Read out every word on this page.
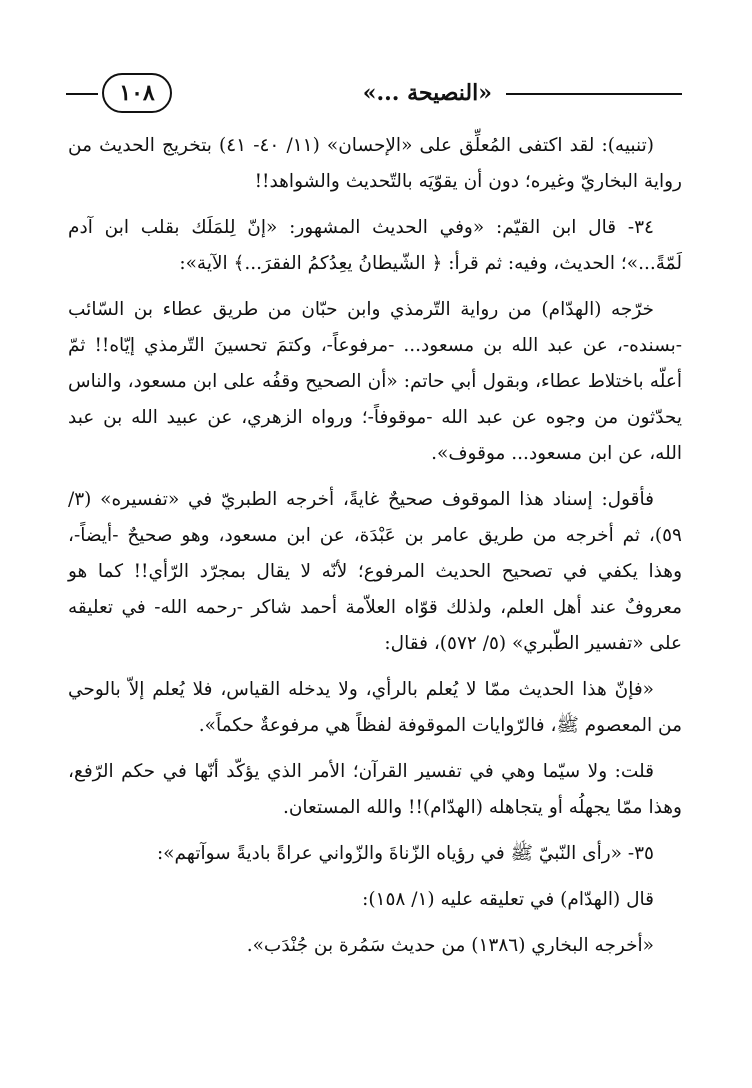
«النصيحة ...»
١٠٨

(تنبيه): لقد اكتفى المُعلِّق على «الإحسان» (١١/ ٤٠- ٤١) بتخريج الحديث من رواية البخاريّ وغيره؛ دون أن يقوّيَه بالتّحديث والشواهد!!

٣٤- قال ابن القيّم: «وفي الحديث المشهور: «إنّ لِلمَلَك بقلب ابن آدم لَمّةً...»؛ الحديث، وفيه: ثم قرأ: ﴿ الشّيطانُ يعِدُكمُ الفقرَ...﴾ الآية»:

خرّجه (الهدّام) من رواية التّرمذي وابن حبّان من طريق عطاء بن السّائب -بسنده-، عن عبد الله بن مسعود... -مرفوعاً-، وكتمَ تحسينَ التّرمذي إيّاه!! ثمّ أعلّه باختلاط عطاء، وبقول أبي حاتم: «أن الصحيح وقفُه على ابن مسعود، والناس يحدّثون من وجوه عن عبد الله -موقوفاً-؛ ورواه الزهري، عن عبيد الله بن عبد الله، عن ابن مسعود... موقوف».

فأقول: إسناد هذا الموقوف صحيحٌ غايةً، أخرجه الطبريّ في «تفسيره» (٣/ ٥٩)، ثم أخرجه من طريق عامر بن عَبْدَة، عن ابن مسعود، وهو صحيحٌ -أيضاً-، وهذا يكفي في تصحيح الحديث المرفوع؛ لأنّه لا يقال بمجرّد الرّأي!! كما هو معروفٌ عند أهل العلم، ولذلك قوّاه العلاّمة أحمد شاكر -رحمه الله- في تعليقه على «تفسير الطّبري» (٥/ ٥٧٢)، فقال:

«فإنّ هذا الحديث ممّا لا يُعلم بالرأي، ولا يدخله القياس، فلا يُعلم إلاّ بالوحي من المعصوم ﷺ، فالرّوايات الموقوفة لفظاً هي مرفوعةٌ حكماً».

قلت: ولا سيّما وهي في تفسير القرآن؛ الأمر الذي يؤكّد أنّها في حكم الرّفع، وهذا ممّا يجهلُه أو يتجاهله (الهدّام)!! والله المستعان.

٣٥- «رأى النّبيّ ﷺ في رؤياه الزّناةَ والزّواني عراةً باديةً سوآتهم»:

قال (الهدّام) في تعليقه عليه (١/ ١٥٨):

«أخرجه البخاري (١٣٨٦) من حديث سَمُرة بن جُنْدَب».
